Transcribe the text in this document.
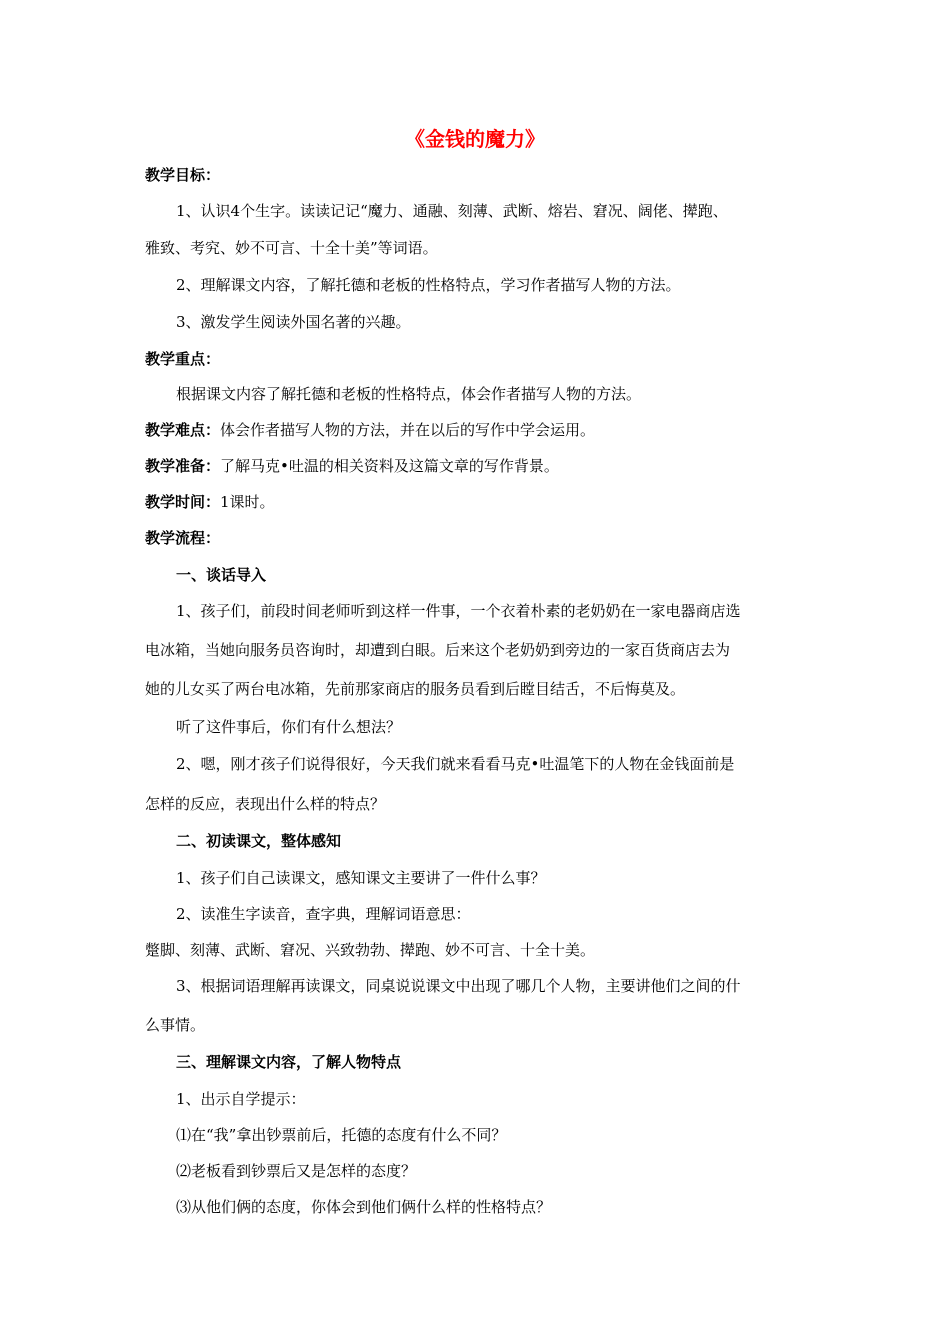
《金钱的魔力》
教学目标：
1、认识4个生字。读读记记“魔力、通融、刻薄、武断、熔岩、窘况、阔佬、撵跑、
雅致、考究、妙不可言、十全十美”等词语。
2、理解课文内容，了解托德和老板的性格特点，学习作者描写人物的方法。
3、激发学生阅读外国名著的兴趣。
教学重点：
根据课文内容了解托德和老板的性格特点，体会作者描写人物的方法。
教学难点：体会作者描写人物的方法，并在以后的写作中学会运用。
教学准备：了解马克•吐温的相关资料及这篇文章的写作背景。
教学时间：1课时。
教学流程：
一、谈话导入
1、孩子们，前段时间老师听到这样一件事，一个衣着朴素的老奶奶在一家电器商店选
电冰箱，当她向服务员咨询时，却遭到白眼。后来这个老奶奶到旁边的一家百货商店去为
她的儿女买了两台电冰箱，先前那家商店的服务员看到后瞠目结舌，不后悔莫及。
听了这件事后，你们有什么想法？
2、嗯，刚才孩子们说得很好，今天我们就来看看马克•吐温笔下的人物在金钱面前是
怎样的反应，表现出什么样的特点？
二、初读课文，整体感知
1、孩子们自己读课文，感知课文主要讲了一件什么事？
2、读准生字读音，查字典，理解词语意思：
蹩脚、刻薄、武断、窘况、兴致勃勃、撵跑、妙不可言、十全十美。
3、根据词语理解再读课文，同桌说说课文中出现了哪几个人物，主要讲他们之间的什
么事情。
三、理解课文内容，了解人物特点
1、出示自学提示：
⑴在“我”拿出钞票前后，托德的态度有什么不同？
⑵老板看到钞票后又是怎样的态度？
⑶从他们俩的态度，你体会到他们俩什么样的性格特点？
